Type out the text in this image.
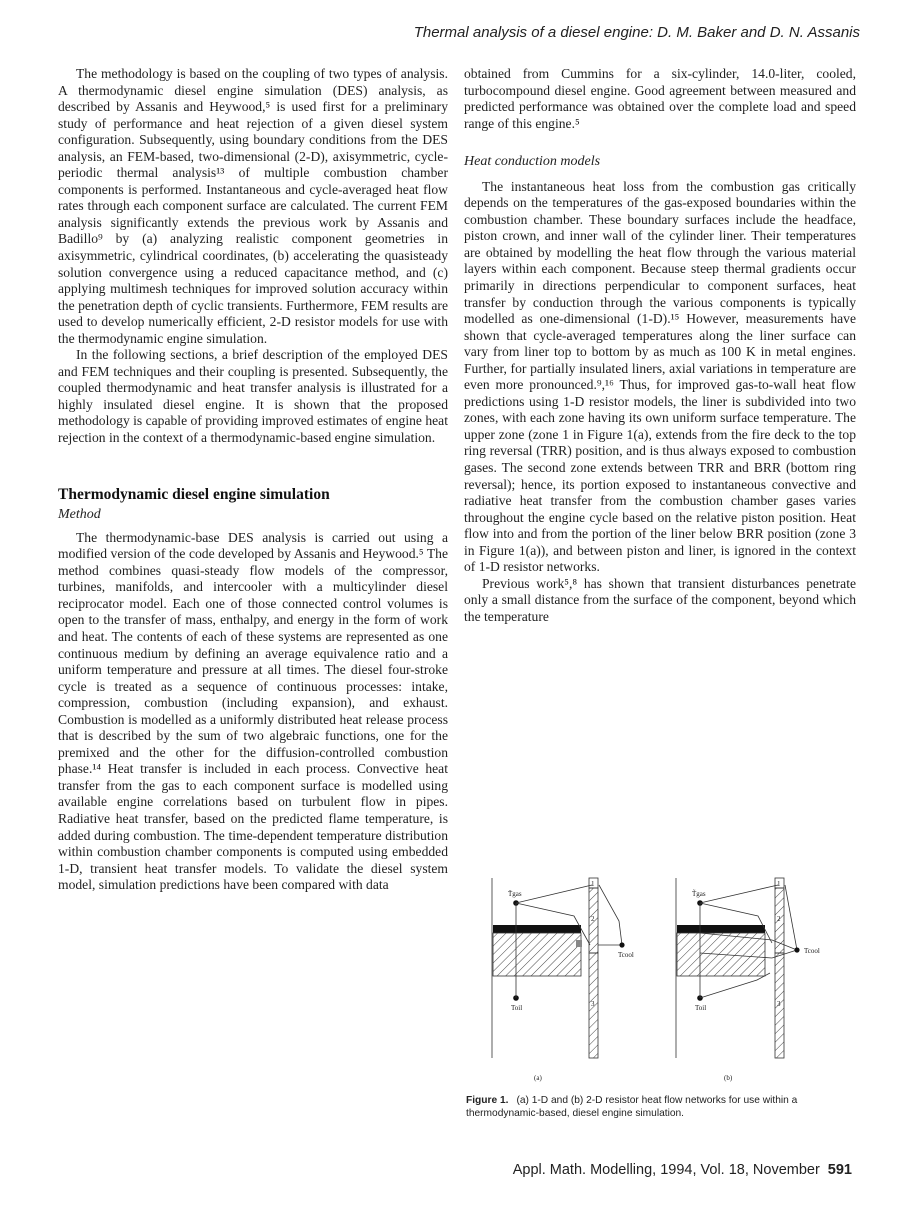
Thermal analysis of a diesel engine: D. M. Baker and D. N. Assanis

The methodology is based on the coupling of two types of analysis. A thermodynamic diesel engine simulation (DES) analysis, as described by Assanis and Heywood,⁵ is used first for a preliminary study of performance and heat rejection of a given diesel system configuration. Subsequently, using boundary conditions from the DES analysis, an FEM-based, two-dimensional (2-D), axisymmetric, cycle-periodic thermal analysis¹³ of multiple combustion chamber components is performed. Instantaneous and cycle-averaged heat flow rates through each component surface are calculated. The current FEM analysis significantly extends the previous work by Assanis and Badillo⁹ by (a) analyzing realistic component geometries in axisymmetric, cylindrical coordinates, (b) accelerating the quasisteady solution convergence using a reduced capacitance method, and (c) applying multimesh techniques for improved solution accuracy within the penetration depth of cyclic transients. Furthermore, FEM results are used to develop numerically efficient, 2-D resistor models for use with the thermodynamic engine simulation.

In the following sections, a brief description of the employed DES and FEM techniques and their coupling is presented. Subsequently, the coupled thermodynamic and heat transfer analysis is illustrated for a highly insulated diesel engine. It is shown that the proposed methodology is capable of providing improved estimates of engine heat rejection in the context of a thermodynamic-based engine simulation.

Thermodynamic diesel engine simulation
Method

The thermodynamic-base DES analysis is carried out using a modified version of the code developed by Assanis and Heywood.⁵ The method combines quasi-steady flow models of the compressor, turbines, manifolds, and intercooler with a multicylinder diesel reciprocator model. Each one of those connected control volumes is open to the transfer of mass, enthalpy, and energy in the form of work and heat. The contents of each of these systems are represented as one continuous medium by defining an average equivalence ratio and a uniform temperature and pressure at all times. The diesel four-stroke cycle is treated as a sequence of continuous processes: intake, compression, combustion (including expansion), and exhaust. Combustion is modelled as a uniformly distributed heat release process that is described by the sum of two algebraic functions, one for the premixed and the other for the diffusion-controlled combustion phase.¹⁴ Heat transfer is included in each process. Convective heat transfer from the gas to each component surface is modelled using available engine correlations based on turbulent flow in pipes. Radiative heat transfer, based on the predicted flame temperature, is added during combustion. The time-dependent temperature distribution within combustion chamber components is computed using embedded 1-D, transient heat transfer models. To validate the diesel system model, simulation predictions have been compared with data

obtained from Cummins for a six-cylinder, 14.0-liter, cooled, turbocompound diesel engine. Good agreement between measured and predicted performance was obtained over the complete load and speed range of this engine.⁵

Heat conduction models

The instantaneous heat loss from the combustion gas critically depends on the temperatures of the gas-exposed boundaries within the combustion chamber. These boundary surfaces include the headface, piston crown, and inner wall of the cylinder liner. Their temperatures are obtained by modelling the heat flow through the various material layers within each component. Because steep thermal gradients occur primarily in directions perpendicular to component surfaces, heat transfer by conduction through the various components is typically modelled as one-dimensional (1-D).¹⁵ However, measurements have shown that cycle-averaged temperatures along the liner surface can vary from liner top to bottom by as much as 100 K in metal engines. Further, for partially insulated liners, axial variations in temperature are even more pronounced.⁹,¹⁶ Thus, for improved gas-to-wall heat flow predictions using 1-D resistor models, the liner is subdivided into two zones, with each zone having its own uniform surface temperature. The upper zone (zone 1 in Figure 1(a), extends from the fire deck to the top ring reversal (TRR) position, and is thus always exposed to combustion gases. The second zone extends between TRR and BRR (bottom ring reversal); hence, its portion exposed to instantaneous convective and radiative heat transfer from the combustion chamber gases varies throughout the engine cycle based on the relative piston position. Heat flow into and from the portion of the liner below BRR position (zone 3 in Figure 1(a)), and between piston and liner, is ignored in the context of 1-D resistor networks.

Previous work⁵,⁸ has shown that transient disturbances penetrate only a small distance from the surface of the component, beyond which the temperature

T̄gas
Tcool
Toil
1
2
3
(a)
T̃gas
Tcool
Toil
1
2
3
(b)
Figure 1. (a) 1-D and (b) 2-D resistor heat flow networks for use within a thermodynamic-based, diesel engine simulation.
Appl. Math. Modelling, 1994, Vol. 18, November 591
